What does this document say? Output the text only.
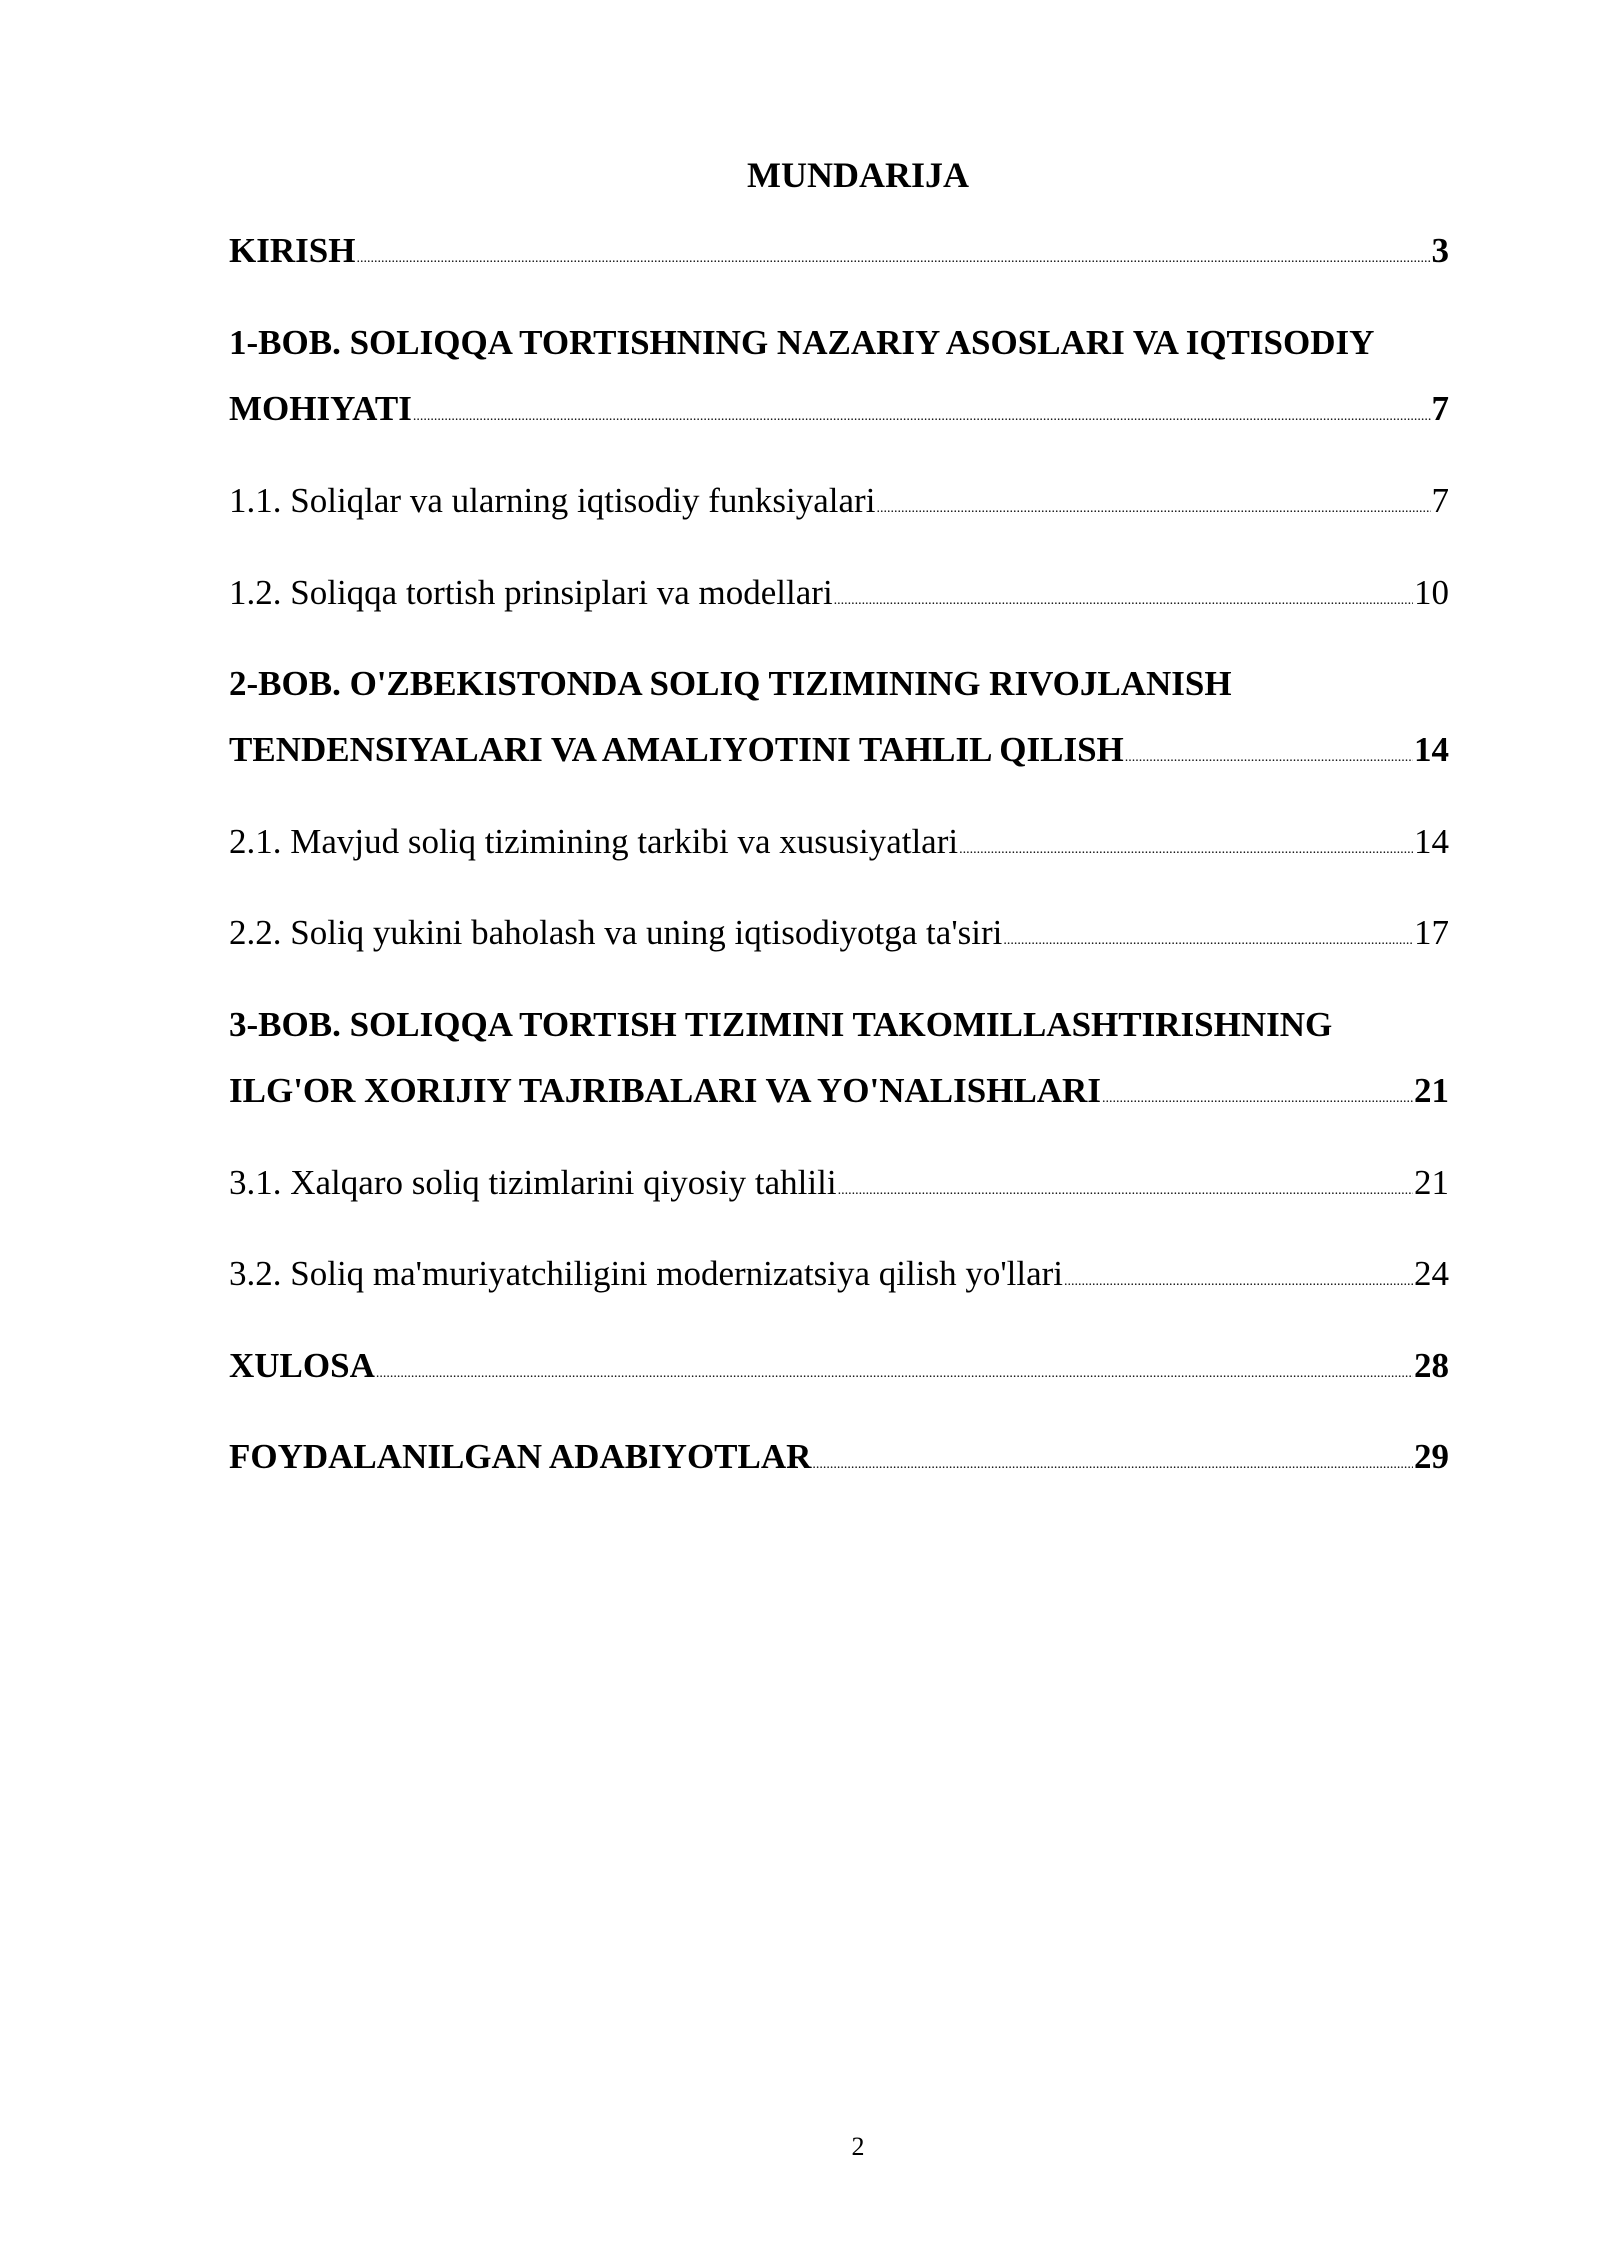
MUNDARIJA
KIRISH .....	3
1-BOB. SOLIQQA TORTISHNING NAZARIY ASOSLARI VA IQTISODIY
MOHIYATI .....	7
1.1. Soliqlar va ularning iqtisodiy funksiyalari .....	7
1.2. Soliqqa tortish prinsiplari va modellari .....	10
2-BOB. O'ZBEKISTONDA SOLIQ TIZIMINING RIVOJLANISH
TENDENSIYALARI VA AMALIYOTINI TAHLIL QILISH .....	14
2.1. Mavjud soliq tizimining tarkibi va xususiyatlari .....	14
2.2. Soliq yukini baholash va uning iqtisodiyotga ta'siri .....	17
3-BOB. SOLIQQA TORTISH TIZIMINI TAKOMILLASHTIRISHNING
ILG'OR XORIJIY TAJRIBALARI VA YO'NALISHLARI .....	21
3.1. Xalqaro soliq tizimlarini qiyosiy tahlili .....	21
3.2. Soliq ma'muriyatchiligini modernizatsiya qilish yo'llari .....	24
XULOSA .....	28
FOYDALANILGAN ADABIYOTLAR .....	29
2
